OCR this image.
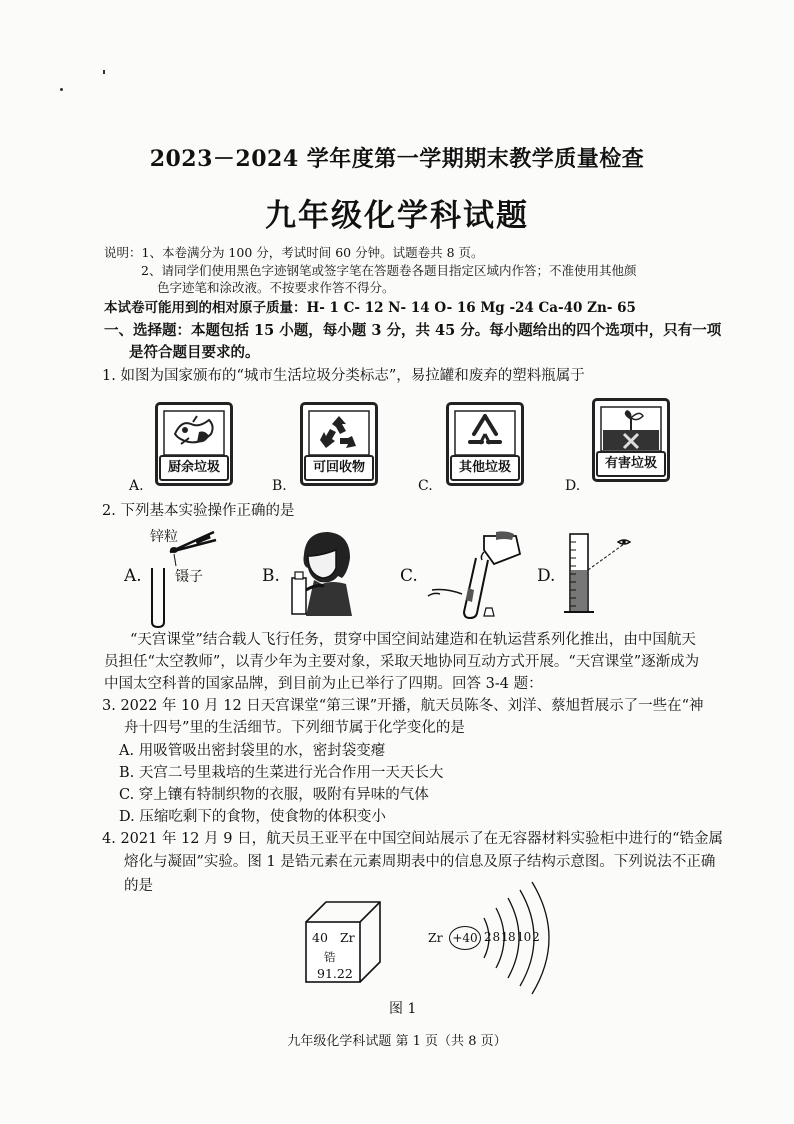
2023－2024 学年度第一学期期末教学质量检查
九年级化学科试题
说明：1、本卷满分为 100 分，考试时间 60 分钟。试题卷共 8 页。
2、请同学们使用黑色字迹钢笔或签字笔在答题卷各题目指定区域内作答；不准使用其他颜
色字迹笔和涂改液。不按要求作答不得分。
本试卷可能用到的相对原子质量：H- 1 C- 12 N- 14 O- 16 Mg -24 Ca-40 Zn- 65
一、选择题：本题包括 15 小题，每小题 3 分，共 45 分。每小题给出的四个选项中，只有一项
是符合题目要求的。
1. 如图为国家颁布的“城市生活垃圾分类标志”，易拉罐和废弃的塑料瓶属于
A.
厨余垃圾
B.
可回收物
C.
其他垃圾
D.
有害垃圾
2. 下列基本实验操作正确的是
A.
锌粒
镊子	B.	C.	D.
“天宫课堂”结合载人飞行任务，贯穿中国空间站建造和在轨运营系列化推出，由中国航天
员担任“太空教师”，以青少年为主要对象，采取天地协同互动方式开展。“天宫课堂”逐渐成为
中国太空科普的国家品牌，到目前为止已举行了四期。回答 3-4 题：
3. 2022 年 10 月 12 日天宫课堂“第三课”开播，航天员陈冬、刘洋、蔡旭哲展示了一些在“神
舟十四号”里的生活细节。下列细节属于化学变化的是
A. 用吸管吸出密封袋里的水，密封袋变瘪
B. 天宫二号里栽培的生菜进行光合作用一天天长大
C. 穿上镶有特制织物的衣服，吸附有异味的气体
D. 压缩吃剩下的食物，使食物的体积变小
4. 2021 年 12 月 9 日，航天员王亚平在中国空间站展示了在无容器材料实验柜中进行的“锆金属
熔化与凝固”实验。图 1 是锆元素在元素周期表中的信息及原子结构示意图。下列说法不正确
的是
40 Zr
锆
91.22
Zr +40 2 8 18 10 2
图 1
九年级化学科试题 第 1 页（共 8 页）
